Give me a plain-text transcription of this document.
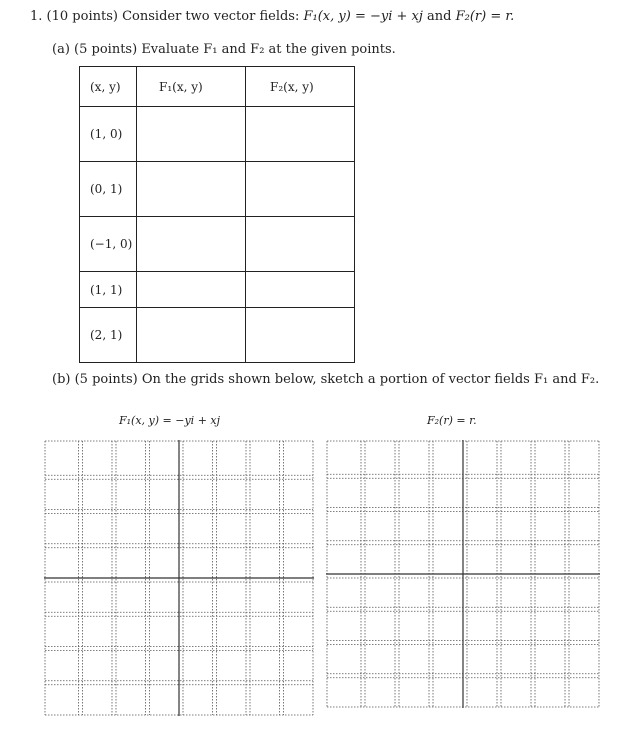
1. (10 points) Consider two vector fields: F₁(x, y) = −yi + xj and F₂(r) = r.
(a) (5 points) Evaluate F₁ and F₂ at the given points.
(x, y)	F₁(x, y)	F₂(x, y)
(1, 0)		
(0, 1)		
(−1, 0)		
(1, 1)		
(2, 1)		
(b) (5 points) On the grids shown below, sketch a portion of vector fields F₁ and F₂.
F₁(x, y) = −yi + xj	F₂(r) = r.
